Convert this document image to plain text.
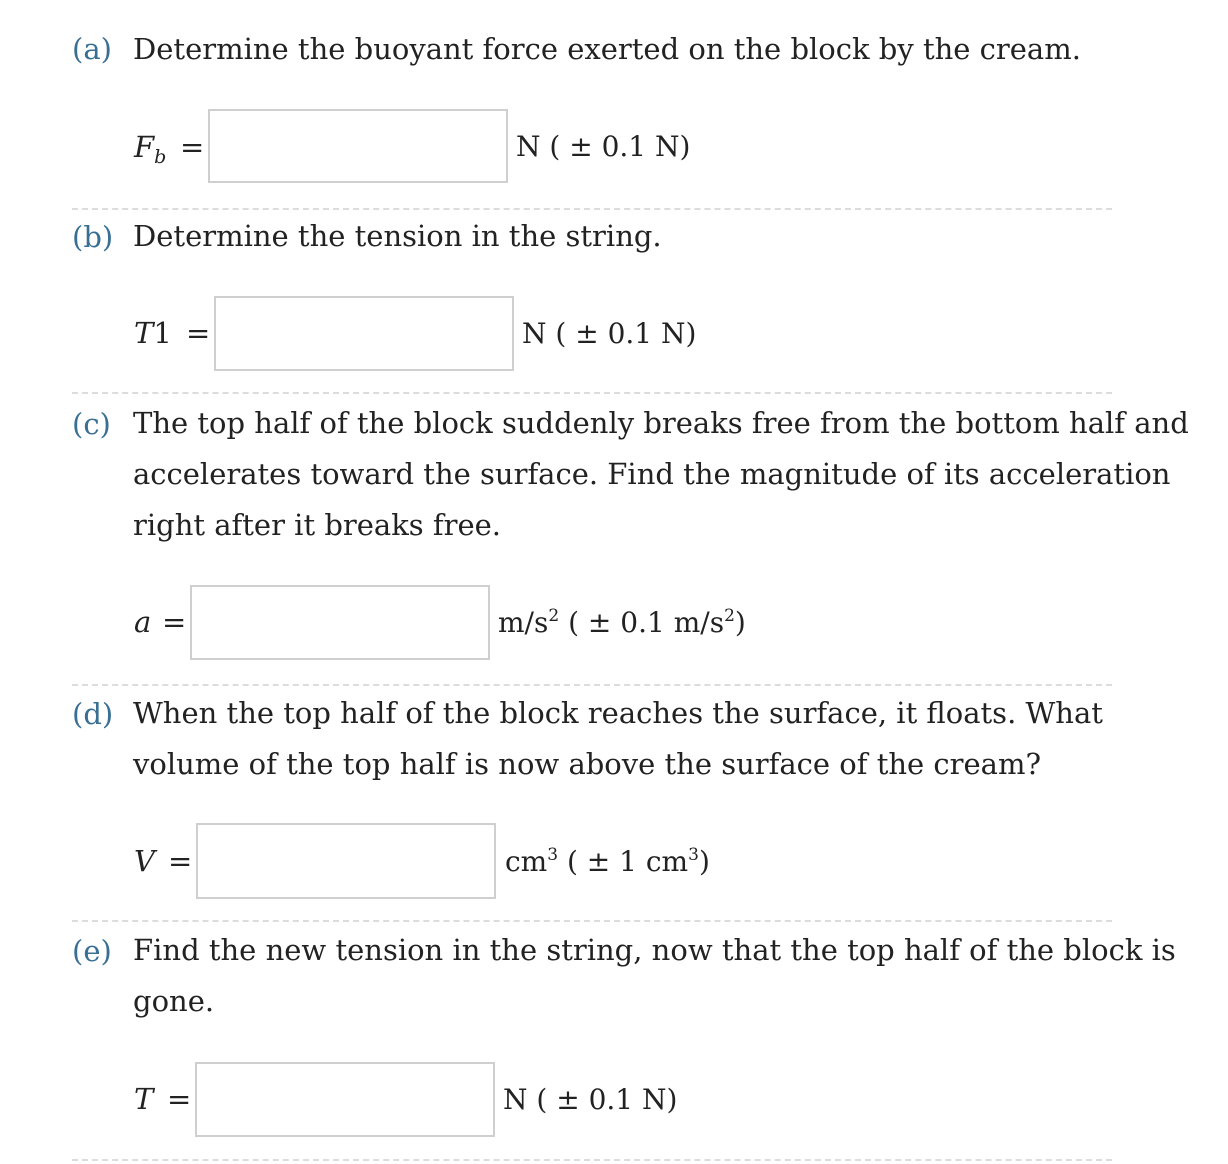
(a) Determine the buoyant force exerted on the block by the cream.
$F_b$ =	N ( ± 0.1 N)
(b) Determine the tension in the string.
T1 =	N ( ± 0.1 N)
(c) The top half of the block suddenly breaks free from the bottom half and
accelerates toward the surface. Find the magnitude of its acceleration
right after it breaks free.
a =	$m/s^2$ ( ± 0.1 $m/s^2$)
(d) When the top half of the block reaches the surface, it floats. What
volume of the top half is now above the surface of the cream?
V =	$cm^3$ ( ± 1 $cm^3$)
(e) Find the new tension in the string, now that the top half of the block is
gone.
T =	N ( ± 0.1 N)
